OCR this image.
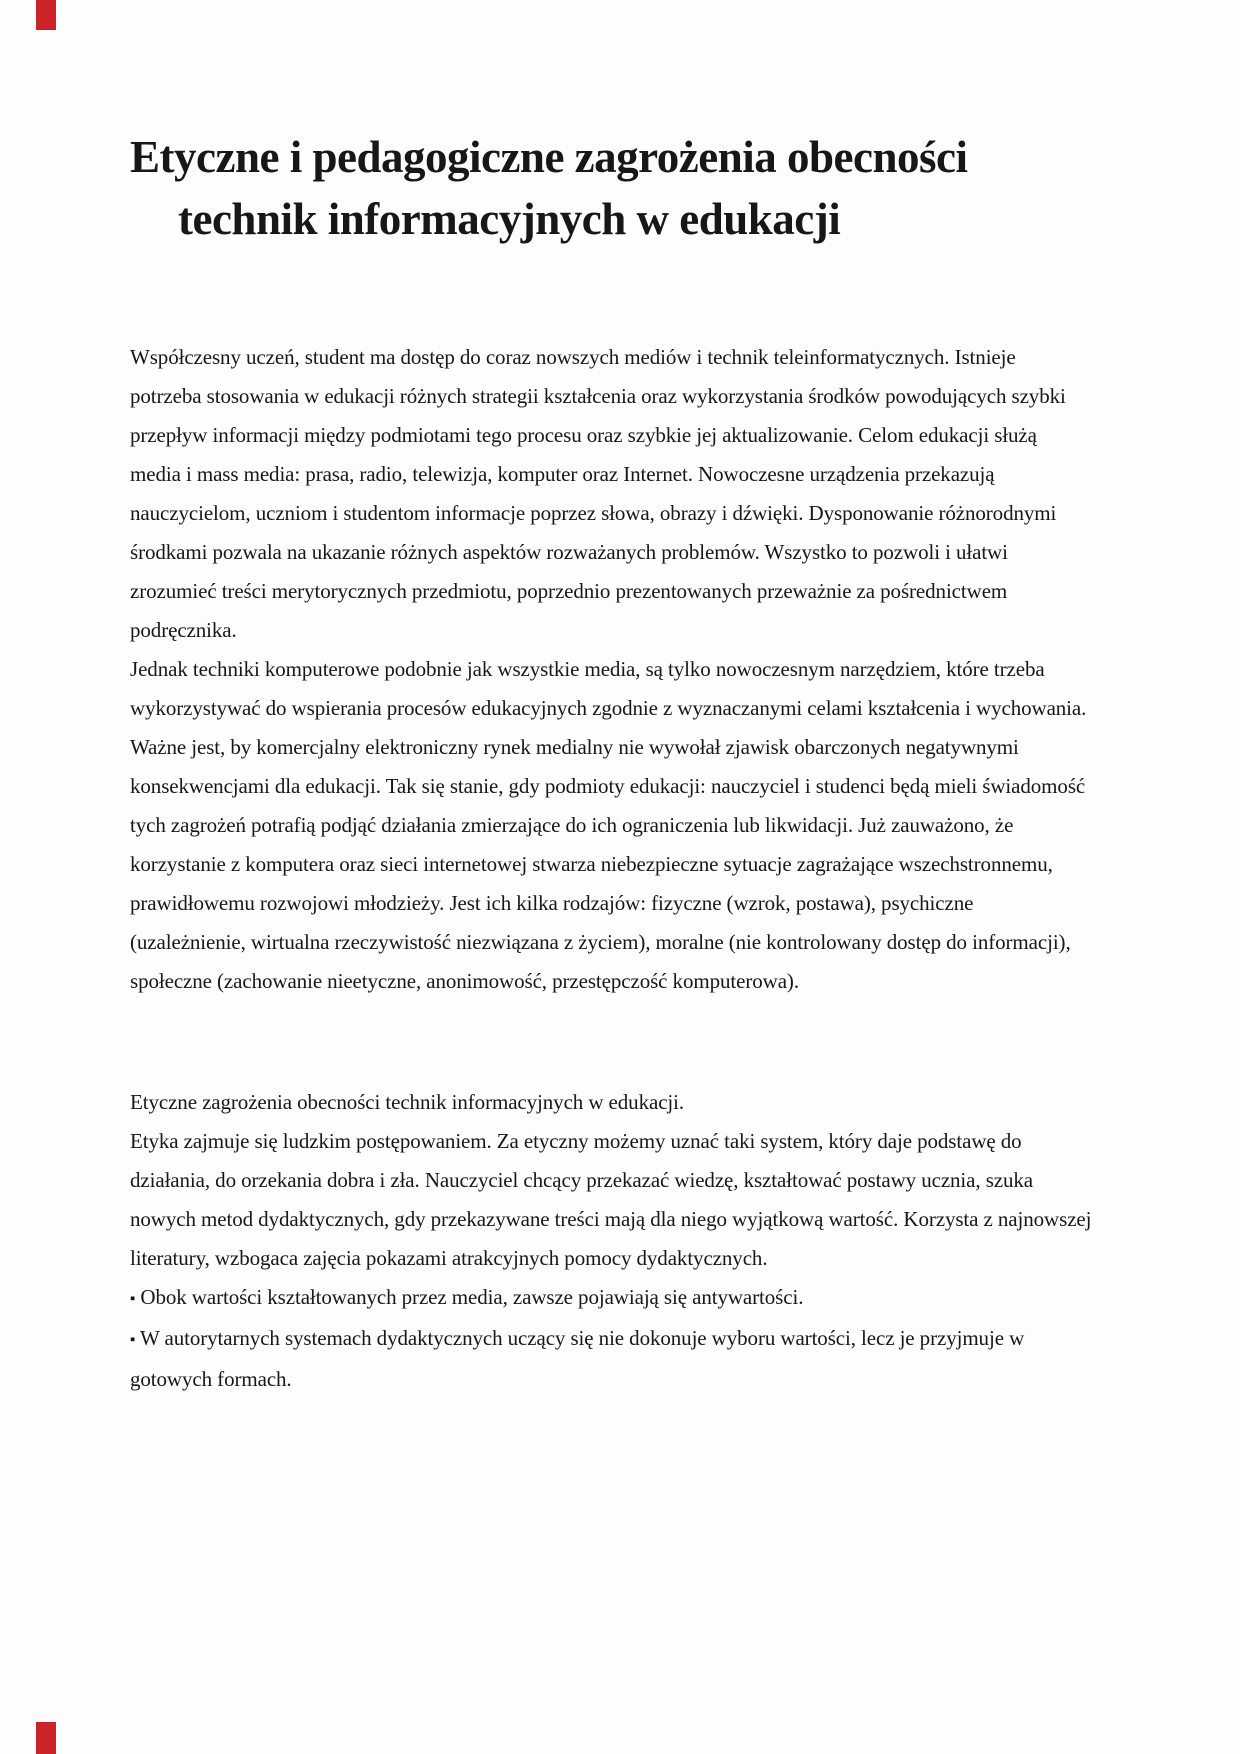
Etyczne i pedagogiczne zagrożenia obecności technik informacyjnych w edukacji

Współczesny uczeń, student ma dostęp do coraz nowszych mediów i technik teleinformatycznych. Istnieje potrzeba stosowania w edukacji różnych strategii kształcenia oraz wykorzystania środków powodujących szybki przepływ informacji między podmiotami tego procesu oraz szybkie jej aktualizowanie. Celom edukacji służą media i mass media: prasa, radio, telewizja, komputer oraz Internet. Nowoczesne urządzenia przekazują nauczycielom, uczniom i studentom informacje poprzez słowa, obrazy i dźwięki. Dysponowanie różnorodnymi środkami pozwala na ukazanie różnych aspektów rozważanych problemów. Wszystko to pozwoli i ułatwi zrozumieć treści merytorycznych przedmiotu, poprzednio prezentowanych przeważnie za pośrednictwem podręcznika.

Jednak techniki komputerowe podobnie jak wszystkie media, są tylko nowoczesnym narzędziem, które trzeba wykorzystywać do wspierania procesów edukacyjnych zgodnie z wyznaczanymi celami kształcenia i wychowania. Ważne jest, by komercjalny elektroniczny rynek medialny nie wywołał zjawisk obarczonych negatywnymi konsekwencjami dla edukacji. Tak się stanie, gdy podmioty edukacji: nauczyciel i studenci będą mieli świadomość tych zagrożeń potrafią podjąć działania zmierzające do ich ograniczenia lub likwidacji. Już zauważono, że korzystanie z komputera oraz sieci internetowej stwarza niebezpieczne sytuacje zagrażające wszechstronnemu, prawidłowemu rozwojowi młodzieży. Jest ich kilka rodzajów: fizyczne (wzrok, postawa), psychiczne (uzależnienie, wirtualna rzeczywistość niezwiązana z życiem), moralne (nie kontrolowany dostęp do informacji), społeczne (zachowanie nieetyczne, anonimowość, przestępczość komputerowa).

Etyczne zagrożenia obecności technik informacyjnych w edukacji.

Etyka zajmuje się ludzkim postępowaniem. Za etyczny możemy uznać taki system, który daje podstawę do działania, do orzekania dobra i zła. Nauczyciel chcący przekazać wiedzę, kształtować postawy ucznia, szuka nowych metod dydaktycznych, gdy przekazywane treści mają dla niego wyjątkową wartość. Korzysta z najnowszej literatury, wzbogaca zajęcia pokazami atrakcyjnych pomocy dydaktycznych.

▪ Obok wartości kształtowanych przez media, zawsze pojawiają się antywartości.

▪ W autorytarnych systemach dydaktycznych uczący się nie dokonuje wyboru wartości, lecz je przyjmuje w gotowych formach.
